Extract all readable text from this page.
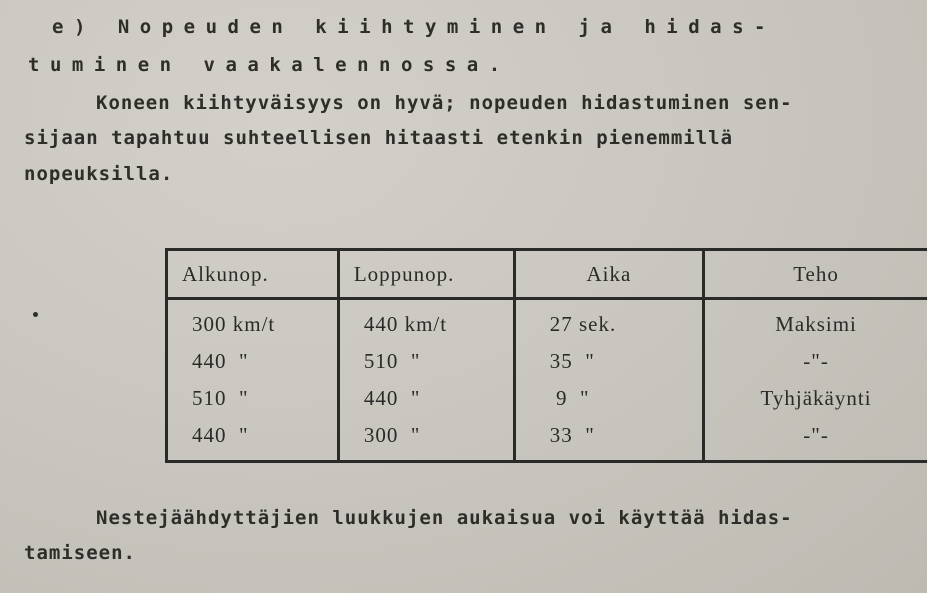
e) Nopeuden kiihtyminen ja hidas-
tuminen vaakalennossa.
Koneen kiihtyväisyys on hyvä; nopeuden hidastuminen sen-
sijaan tapahtuu suhteellisen hitaasti etenkin pienemmillä
nopeuksilla.
Alkunop.	Loppunop.	Aika	Teho
300 km/t	440 km/t	27 sek.	Maksimi
440  "	510  "	35  "	-"-
510  "	440  "	9  "	Tyhjäkäynti
440  "	300  "	33  "	-"-
Nestejäähdyttäjien luukkujen aukaisua voi käyttää hidas-
tamiseen.
